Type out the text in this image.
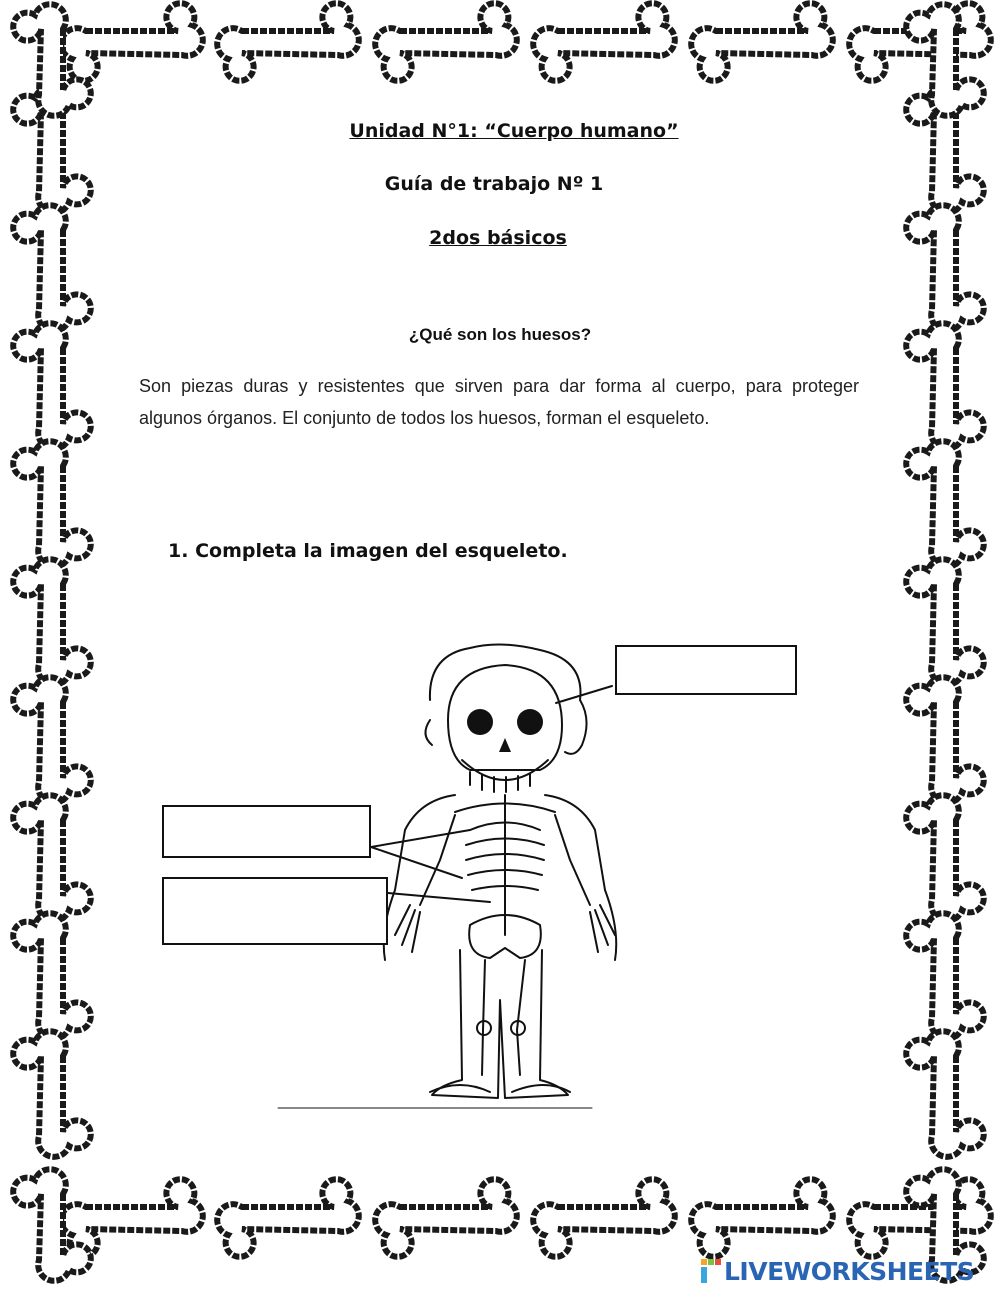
Unidad N°1: “Cuerpo humano”
Guía de trabajo Nº 1
2dos básicos
¿Qué son los huesos?
Son piezas duras y resistentes que sirven para dar forma al cuerpo, para proteger algunos órganos. El conjunto de todos los huesos, forman el esqueleto.
1. Completa la imagen del esqueleto.
LIVEWORKSHEETS
